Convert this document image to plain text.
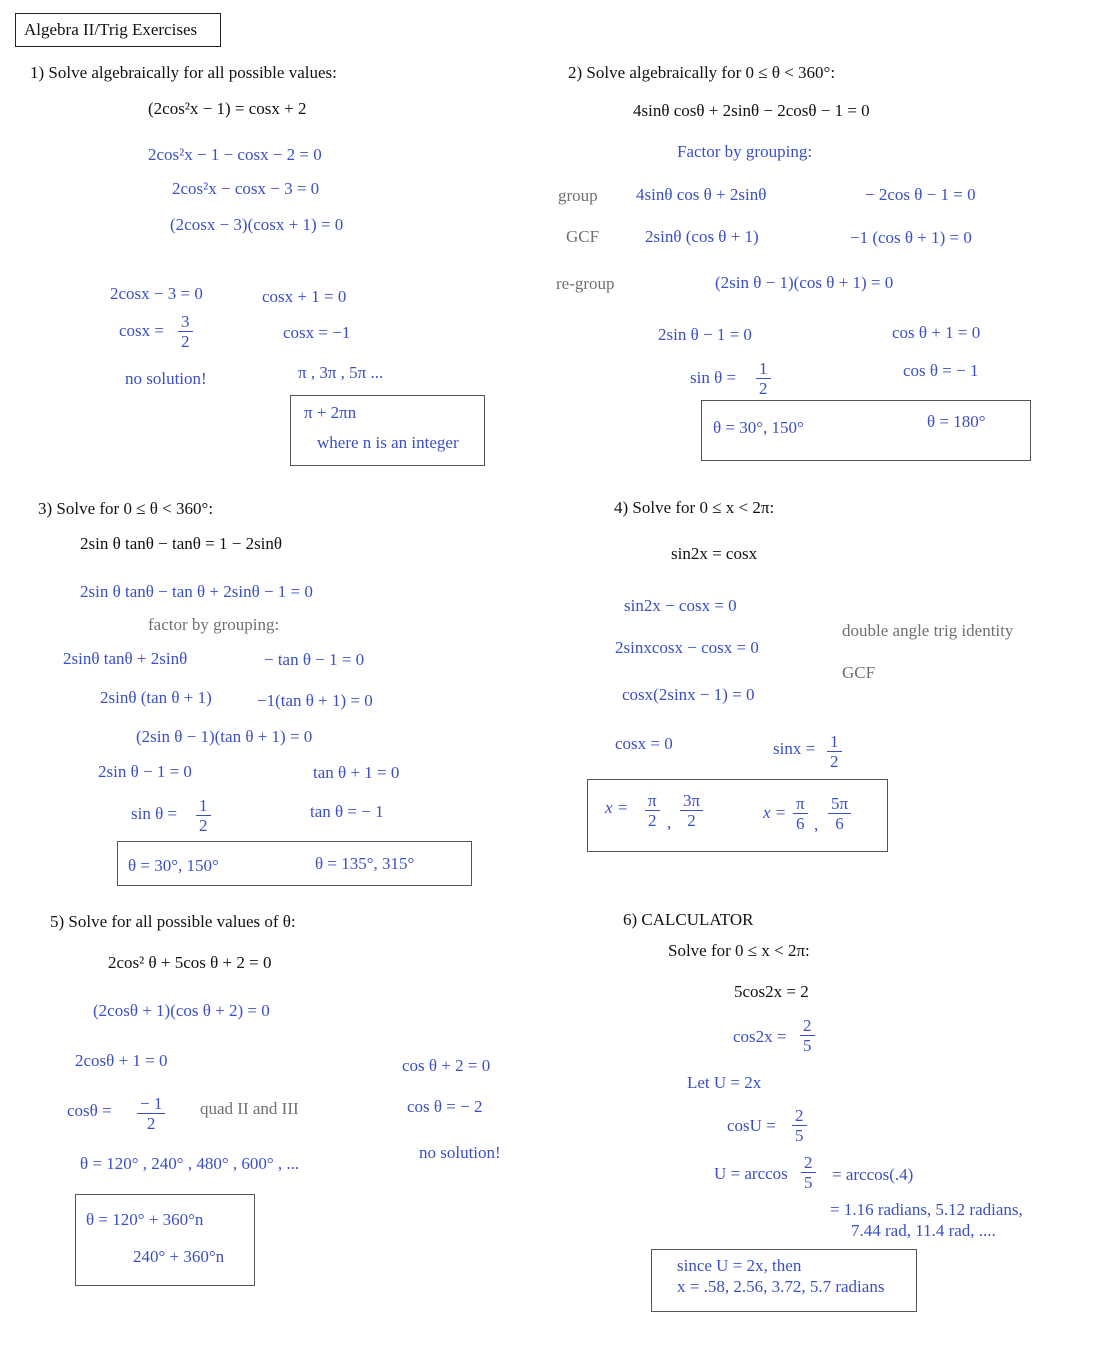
Algebra II/Trig Exercises
1) Solve algebraically for all possible values:
(2cos²x − 1) = cosx + 2
2cos²x − 1 − cosx − 2 = 0
2cos²x − cosx − 3 = 0
(2cosx − 3)(cosx + 1) = 0
2cosx − 3 = 0
$\cos x = \frac{3}{2}$
no solution!
cosx + 1 = 0
cosx = −1
π , 3π , 5π ...
π + 2πn
where n is an integer
2) Solve algebraically for 0 ≤ θ < 360°:
4sinθ cosθ + 2sinθ − 2cosθ − 1 = 0
Factor by grouping:
group
GCF
re-group
4sinθ cos θ + 2sinθ	− 2cos θ − 1 = 0
2sinθ (cos θ + 1)	−1 (cos θ + 1) = 0
(2sin θ − 1)(cos θ + 1) = 0
2sin θ − 1 = 0
$\sin \theta = \frac{1}{2}$
cos θ + 1 = 0
cos θ = − 1
θ = 30°, 150°	θ = 180°
3) Solve for 0 ≤ θ < 360°:
2sin θ tanθ − tanθ = 1 − 2sinθ
2sin θ tanθ − tan θ + 2sinθ − 1 = 0
factor by grouping:
2sinθ tanθ + 2sinθ	− tan θ − 1 = 0
2sinθ (tan θ + 1)	−1(tan θ + 1) = 0
(2sin θ − 1)(tan θ + 1) = 0
2sin θ − 1 = 0
$\sin \theta = \frac{1}{2}$
tan θ + 1 = 0
tan θ = − 1
θ = 30°, 150°	θ = 135°, 315°
4) Solve for 0 ≤ x < 2π:
sin2x = cosx
sin2x − cosx = 0
2sinxcosx − cosx = 0
cosx(2sinx − 1) = 0
double angle trig identity
GCF
cosx = 0	$\sin x = \frac{1}{2}$
$x = \frac{\pi}{2}$ , $\frac{3\pi}{2}$	$x = \frac{\pi}{6}$ , $\frac{5\pi}{6}$
5) Solve for all possible values of θ:
2cos² θ + 5cos θ + 2 = 0
(2cosθ + 1)(cos θ + 2) = 0
2cosθ + 1 = 0
$\cos\theta = \frac{- 1}{2}$ quad II and III
θ = 120° , 240° , 480° , 600° , ...
cos θ + 2 = 0
cos θ = − 2
no solution!
θ = 120° + 360°n
240° + 360°n
6) CALCULATOR
Solve for 0 ≤ x < 2π:
5cos2x = 2
$\cos 2x = \frac{2}{5}$
Let U = 2x
$\cos U = \frac{2}{5}$
$U = \arccos \frac{2}{5} = \arccos(.4)$
= 1.16 radians, 5.12 radians,
7.44 rad, 11.4 rad, ....
since U = 2x, then
x = .58, 2.56, 3.72, 5.7 radians
